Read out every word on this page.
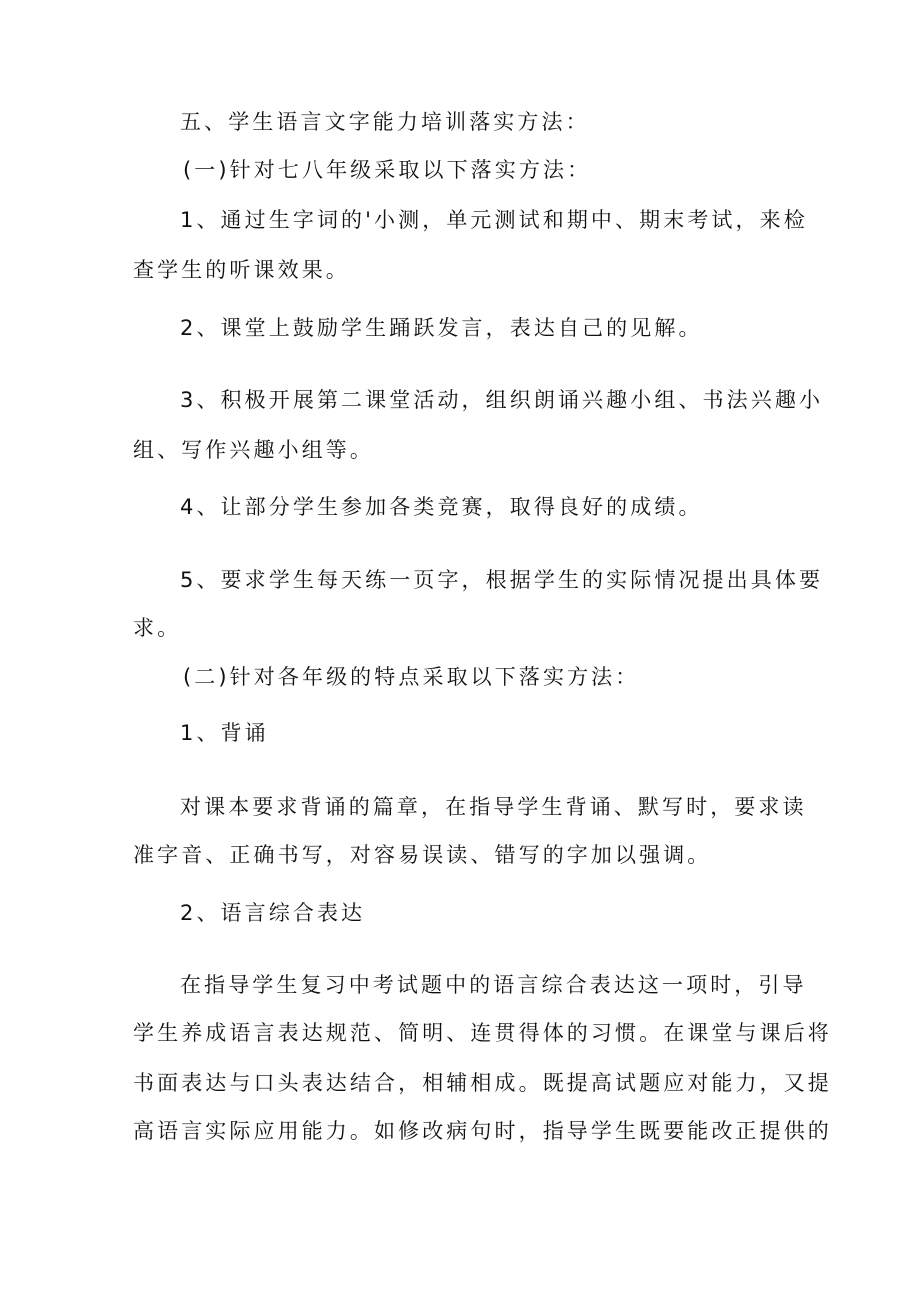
五、学生语言文字能力培训落实方法：

(一)针对七八年级采取以下落实方法：

1、通过生字词的'小测，单元测试和期中、期末考试，来检

查学生的听课效果。

2、课堂上鼓励学生踊跃发言，表达自己的见解。

3、积极开展第二课堂活动，组织朗诵兴趣小组、书法兴趣小

组、写作兴趣小组等。

4、让部分学生参加各类竞赛，取得良好的成绩。

5、要求学生每天练一页字，根据学生的实际情况提出具体要

求。

(二)针对各年级的特点采取以下落实方法：

1、背诵

对课本要求背诵的篇章，在指导学生背诵、默写时，要求读

准字音、正确书写，对容易误读、错写的字加以强调。

2、语言综合表达

在指导学生复习中考试题中的语言综合表达这一项时，引导

学生养成语言表达规范、简明、连贯得体的习惯。在课堂与课后将

书面表达与口头表达结合，相辅相成。既提高试题应对能力，又提

高语言实际应用能力。如修改病句时，指导学生既要能改正提供的
